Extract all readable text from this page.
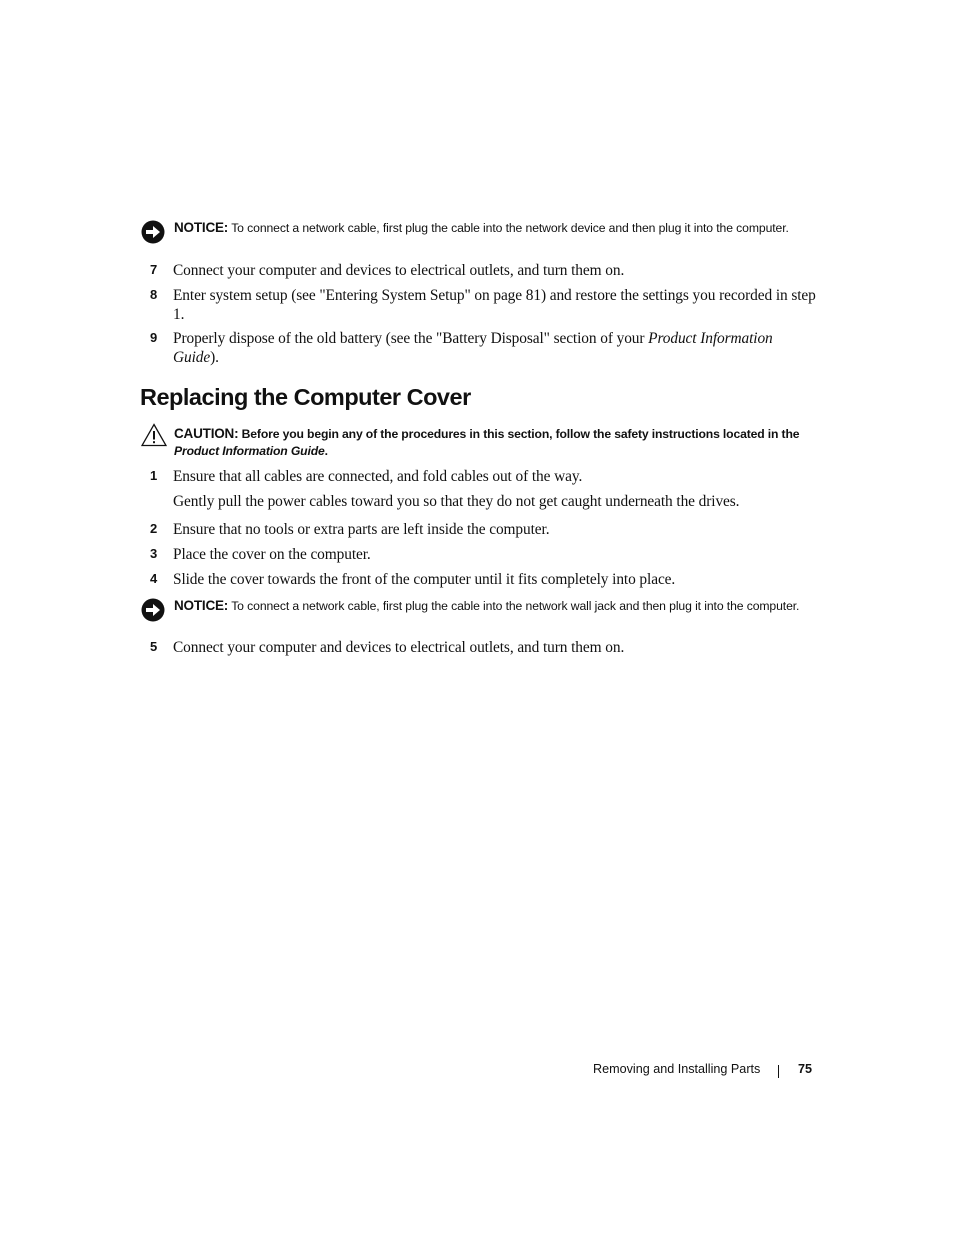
NOTICE: To connect a network cable, first plug the cable into the network device and then plug it into the computer.
7	Connect your computer and devices to electrical outlets, and turn them on.
8	Enter system setup (see "Entering System Setup" on page 81) and restore the settings you recorded in step 1.
9	Properly dispose of the old battery (see the "Battery Disposal" section of your Product Information Guide).
Replacing the Computer Cover
CAUTION: Before you begin any of the procedures in this section, follow the safety instructions located in the
Product Information Guide.
1	Ensure that all cables are connected, and fold cables out of the way.
Gently pull the power cables toward you so that they do not get caught underneath the drives.
2	Ensure that no tools or extra parts are left inside the computer.
3	Place the cover on the computer.
4	Slide the cover towards the front of the computer until it fits completely into place.
NOTICE: To connect a network cable, first plug the cable into the network wall jack and then plug it into the computer.
5	Connect your computer and devices to electrical outlets, and turn them on.
Removing and Installing Parts	75
